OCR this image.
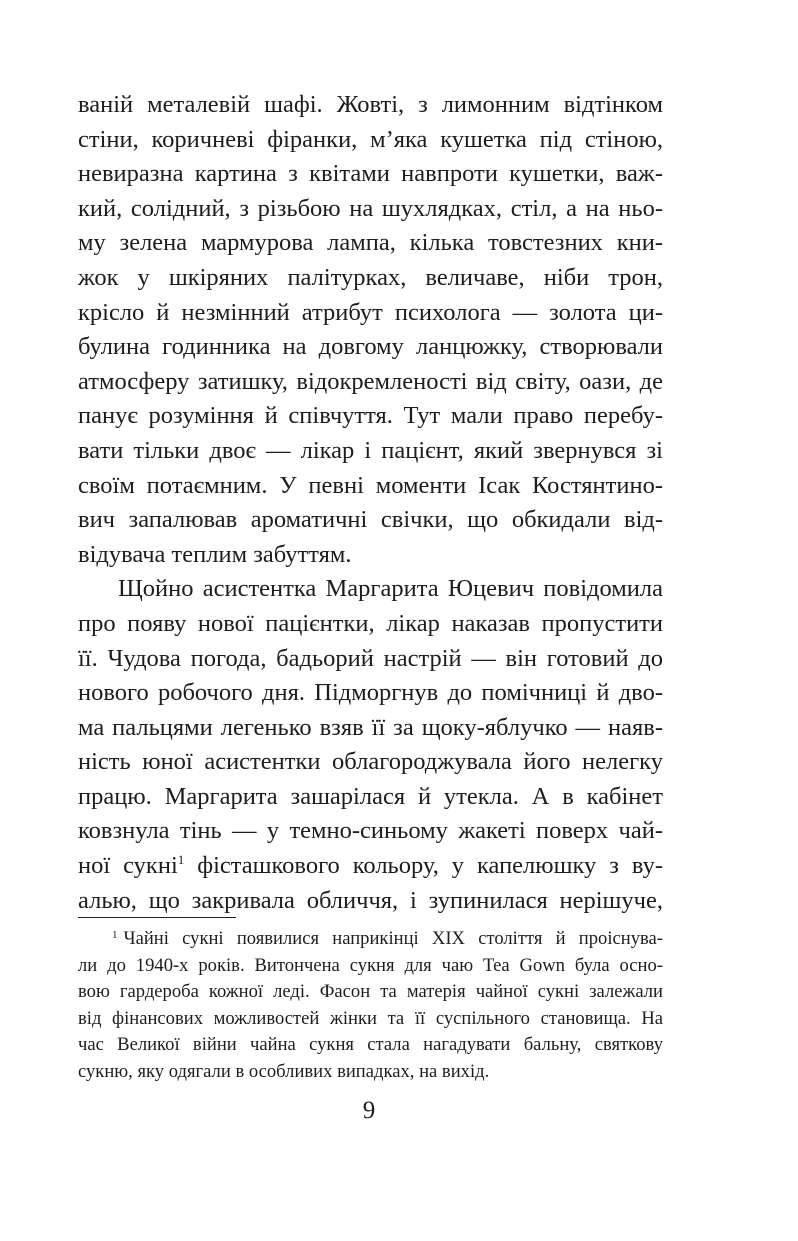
ваній металевій шафі. Жовті, з лимонним відтінком
стіни, коричневі фіранки, м’яка кушетка під стіною,
невиразна картина з квітами навпроти кушетки, важ-
кий, солідний, з різьбою на шухлядках, стіл, а на ньо-
му зелена мармурова лампа, кілька товстезних кни-
жок у шкіряних палітурках, величаве, ніби трон,
крісло й незмінний атрибут психолога — золота ци-
булина годинника на довгому ланцюжку, створювали
атмосферу затишку, відокремленості від світу, оази, де
панує розуміння й співчуття. Тут мали право перебу-
вати тільки двоє — лікар і пацієнт, який звернувся зі
своїм потаємним. У певні моменти Ісак Костянтино-
вич запалював ароматичні свічки, що обкидали від-
відувача теплим забуттям.
Щойно асистентка Маргарита Юцевич повідомила
про появу нової пацієнтки, лікар наказав пропустити
її. Чудова погода, бадьорий настрій — він готовий до
нового робочого дня. Підморгнув до помічниці й дво-
ма пальцями легенько взяв її за щоку-яблучко — наяв-
ність юної асистентки облагороджувала його нелегку
працю. Маргарита зашарілася й утекла. А в кабінет
ковзнула тінь — у темно-синьому жакеті поверх чай-
ної сукні$^1$ фісташкового кольору, у капелюшку з ву-
алью, що закривала обличчя, і зупинилася нерішуче,
$^1$ Чайні сукні появилися наприкінці XIX століття й проіснува-
ли до 1940-х років. Витончена сукня для чаю Tea Gown була осно-
вою гардероба кожної леді. Фасон та матерія чайної сукні залежали
від фінансових можливостей жінки та її суспільного становища. На
час Великої війни чайна сукня стала нагадувати бальну, святкову
сукню, яку одягали в особливих випадках, на вихід.
9
